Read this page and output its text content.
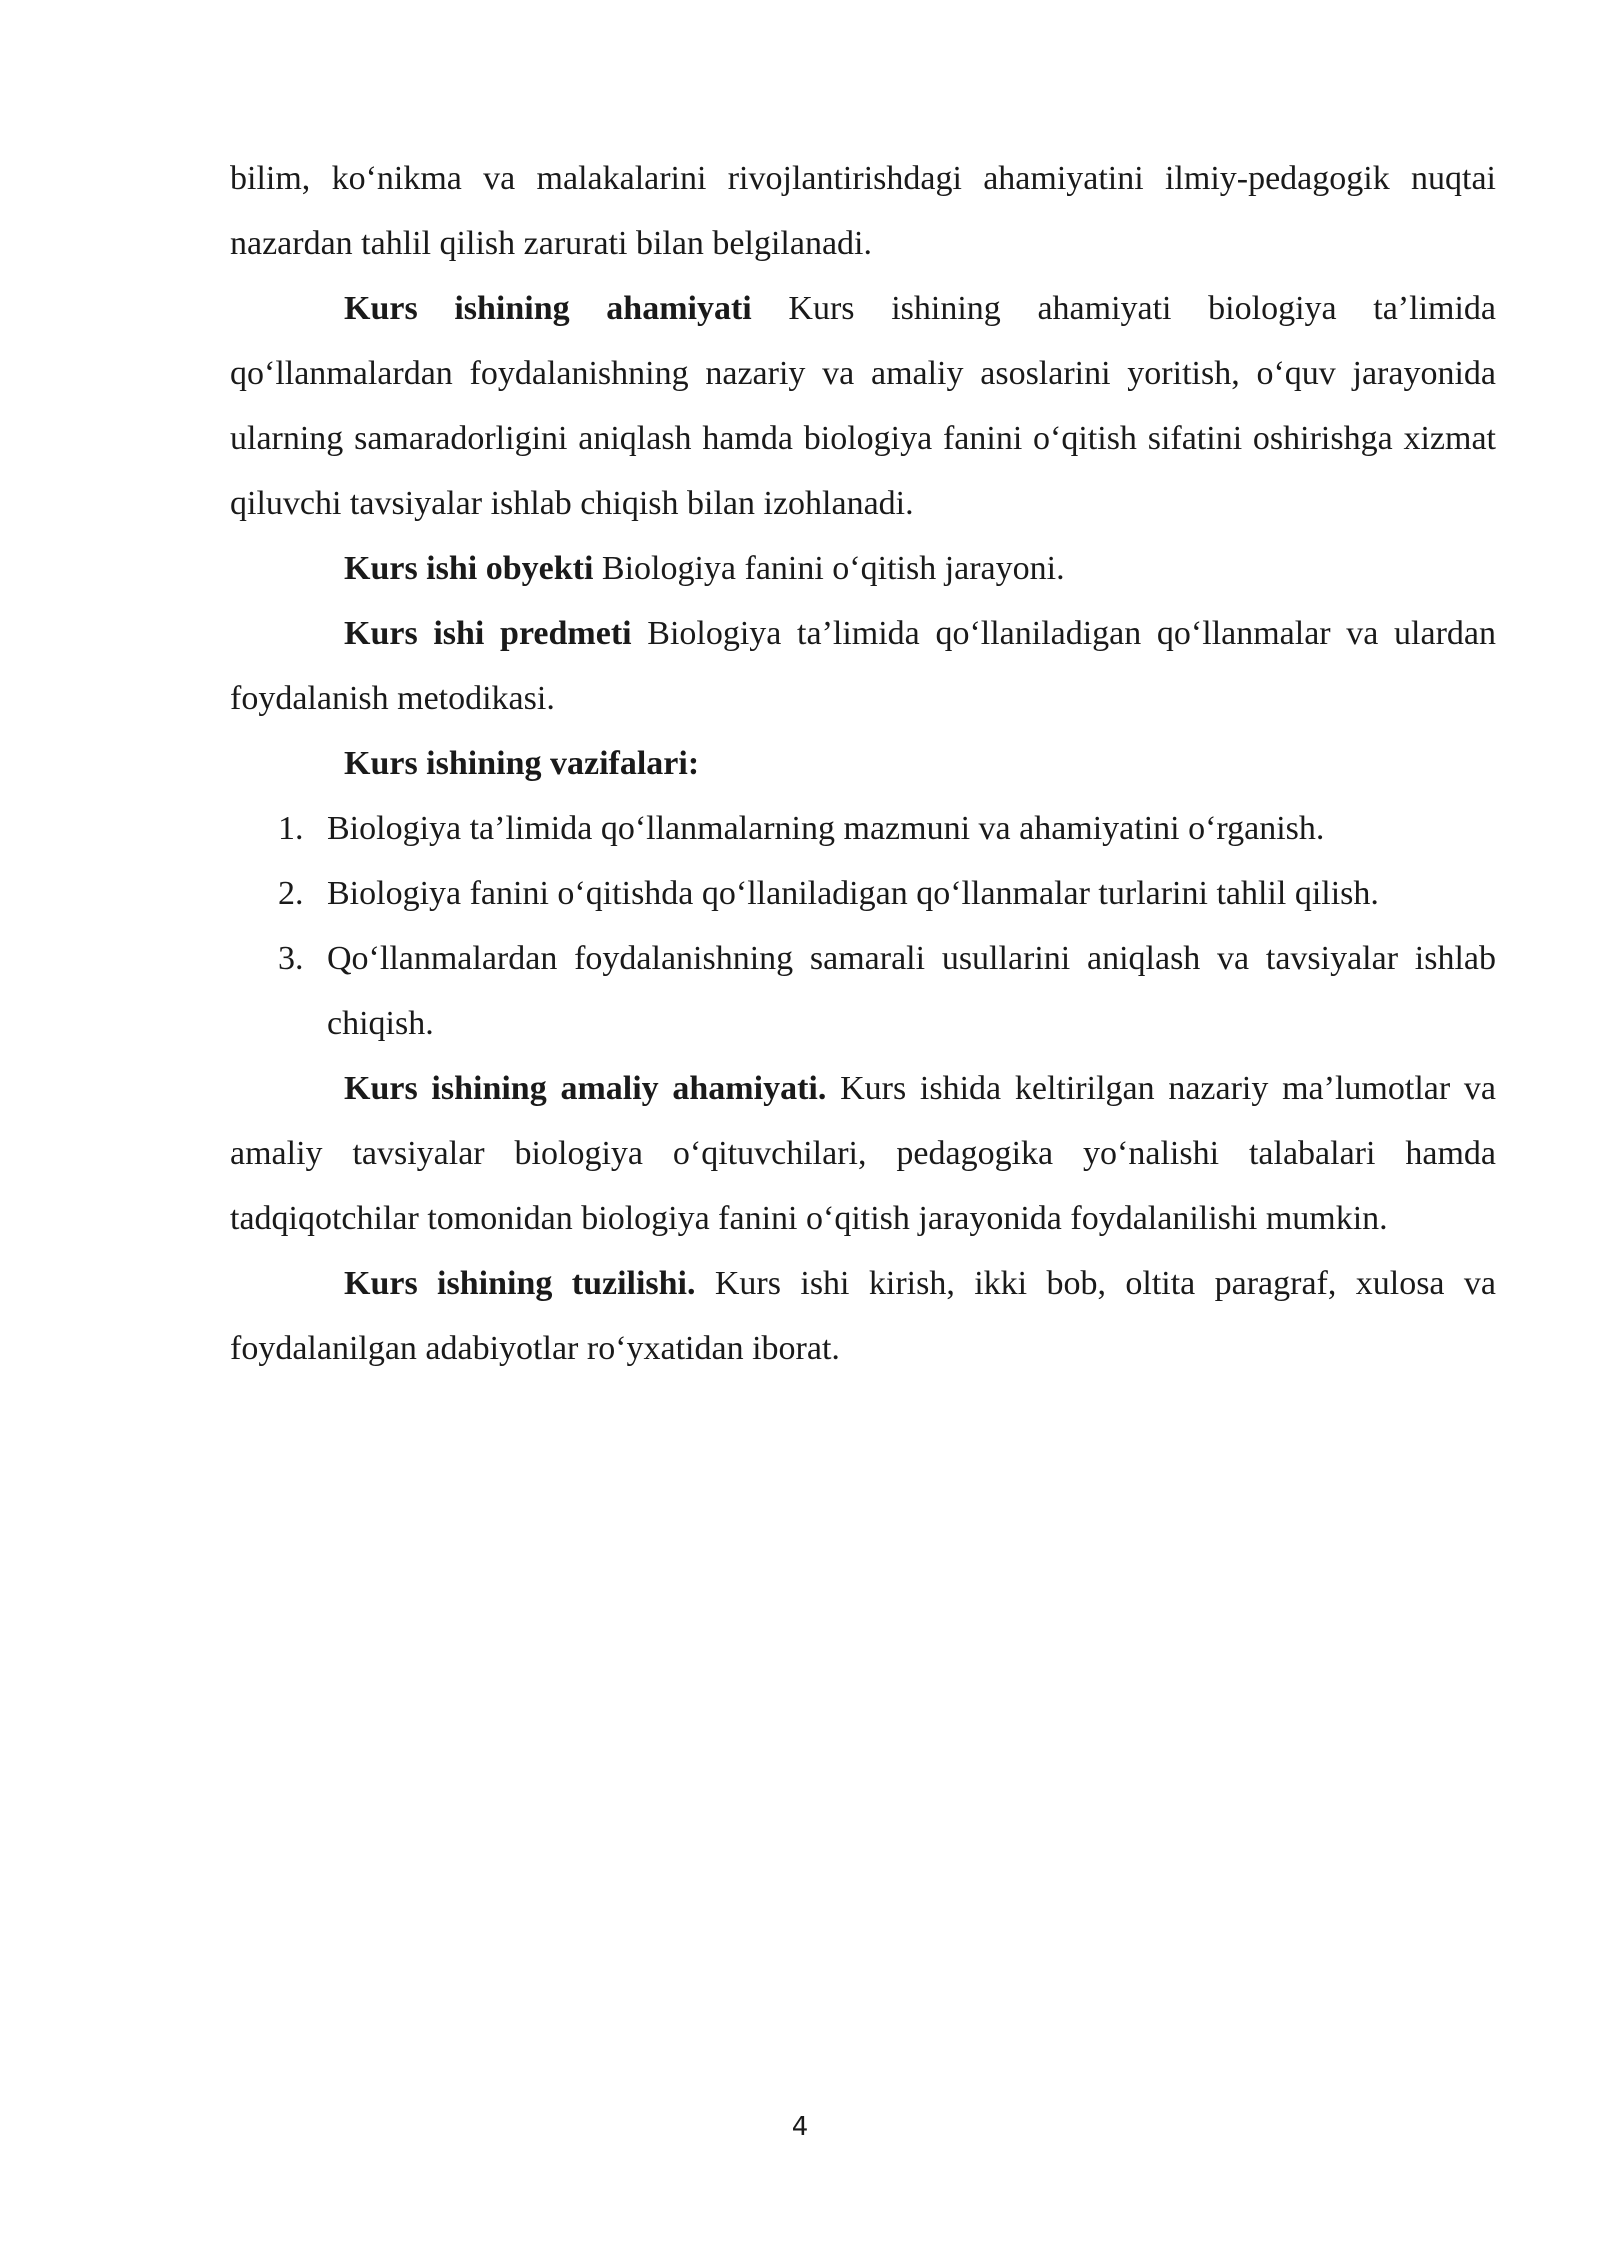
bilim, ko‘nikma va malakalarini rivojlantirishdagi ahamiyatini ilmiy-pedagogik nuqtai nazardan tahlil qilish zarurati bilan belgilanadi.

Kurs ishining ahamiyati Kurs ishining ahamiyati biologiya ta’limida qo‘llanmalardan foydalanishning nazariy va amaliy asoslarini yoritish, o‘quv jarayonida ularning samaradorligini aniqlash hamda biologiya fanini o‘qitish sifatini oshirishga xizmat qiluvchi tavsiyalar ishlab chiqish bilan izohlanadi.

Kurs ishi obyekti Biologiya fanini o‘qitish jarayoni.

Kurs ishi predmeti Biologiya ta’limida qo‘llaniladigan qo‘llanmalar va ulardan foydalanish metodikasi.

Kurs ishining vazifalari:

1. Biologiya ta’limida qo‘llanmalarning mazmuni va ahamiyatini o‘rganish.
2. Biologiya fanini o‘qitishda qo‘llaniladigan qo‘llanmalar turlarini tahlil qilish.
3. Qo‘llanmalardan foydalanishning samarali usullarini aniqlash va tavsiyalar ishlab chiqish.

Kurs ishining amaliy ahamiyati. Kurs ishida keltirilgan nazariy ma’lumotlar va amaliy tavsiyalar biologiya o‘qituvchilari, pedagogika yo‘nalishi talabalari hamda tadqiqotchilar tomonidan biologiya fanini o‘qitish jarayonida foydalanilishi mumkin.

Kurs ishining tuzilishi. Kurs ishi kirish, ikki bob, oltita paragraf, xulosa va foydalanilgan adabiyotlar ro‘yxatidan iborat.

4
